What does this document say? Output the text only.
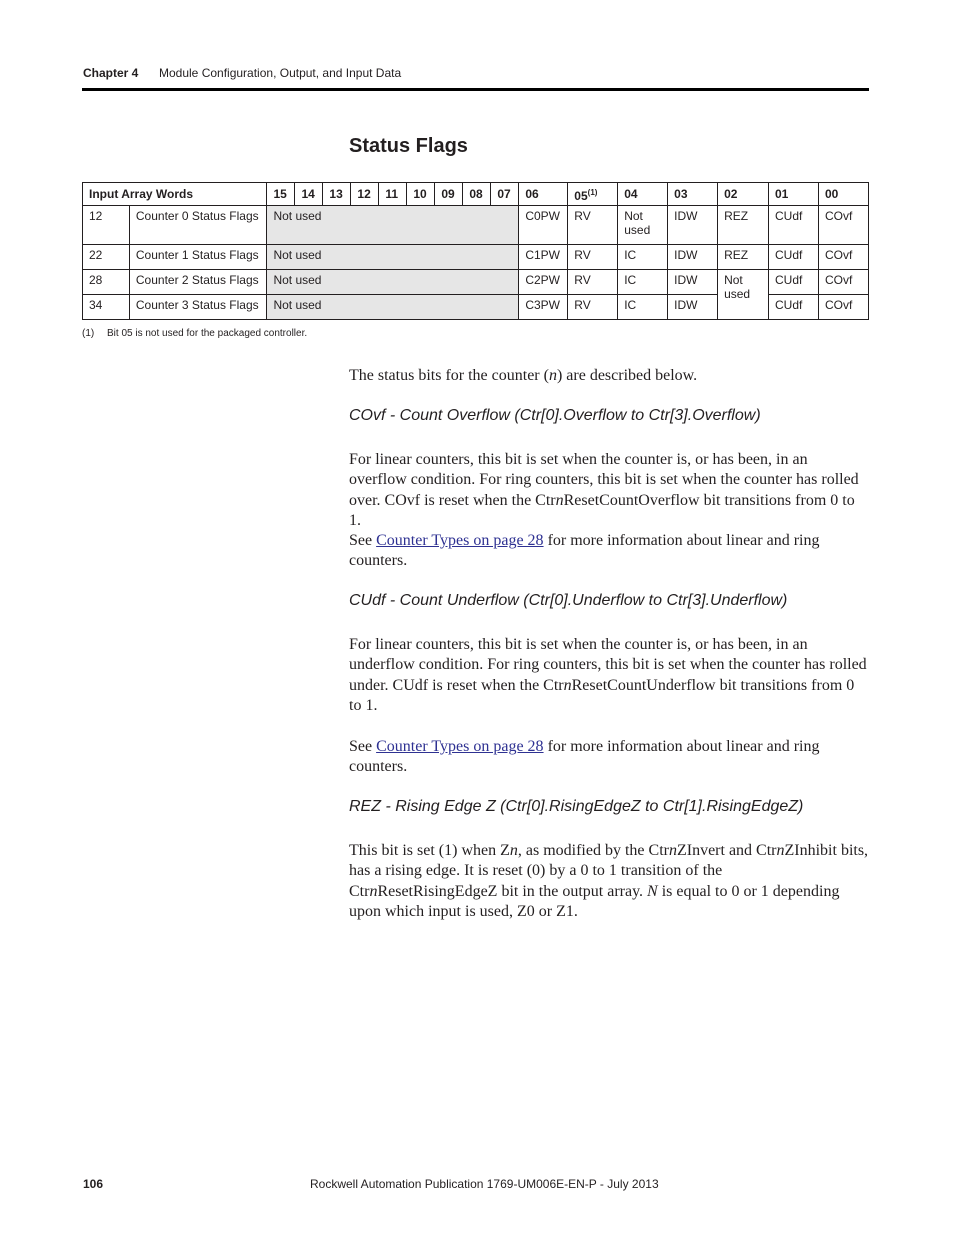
Chapter 4 Module Configuration, Output, and Input Data
Status Flags
Input Array Words		15	14	13	12	11	10	09	08	07	06	05$^{(1)}$	04	03	02	01	00
12	Counter 0 Status Flags	Not used									C0PW	RV	Not used	IDW	REZ	CUdf	COvf
22	Counter 1 Status Flags	Not used									C1PW	RV	IC	IDW	REZ	CUdf	COvf
28	Counter 2 Status Flags	Not used									C2PW	RV	IC	IDW	Not used	CUdf	COvf
34	Counter 3 Status Flags	Not used									C3PW	RV	IC	IDW		CUdf	COvf
(1) Bit 05 is not used for the packaged controller.

The status bits for the counter (n) are described below.

COvf - Count Overflow (Ctr[0].Overflow to Ctr[3].Overflow)

For linear counters, this bit is set when the counter is, or has been, in an overflow condition. For ring counters, this bit is set when the counter has rolled over. COvf is reset when the CtrnResetCountOverflow bit transitions from 0 to 1.

See Counter Types on page 28 for more information about linear and ring counters.

CUdf - Count Underflow (Ctr[0].Underflow to Ctr[3].Underflow)

For linear counters, this bit is set when the counter is, or has been, in an underflow condition. For ring counters, this bit is set when the counter has rolled under. CUdf is reset when the CtrnResetCountUnderflow bit transitions from 0 to 1.

See Counter Types on page 28 for more information about linear and ring counters.

REZ - Rising Edge Z (Ctr[0].RisingEdgeZ to Ctr[1].RisingEdgeZ)

This bit is set (1) when Zn, as modified by the CtrnZInvert and CtrnZInhibit bits, has a rising edge. It is reset (0) by a 0 to 1 transition of the CtrnResetRisingEdgeZ bit in the output array. N is equal to 0 or 1 depending upon which input is used, Z0 or Z1.

106	Rockwell Automation Publication 1769-UM006E-EN-P - July 2013
